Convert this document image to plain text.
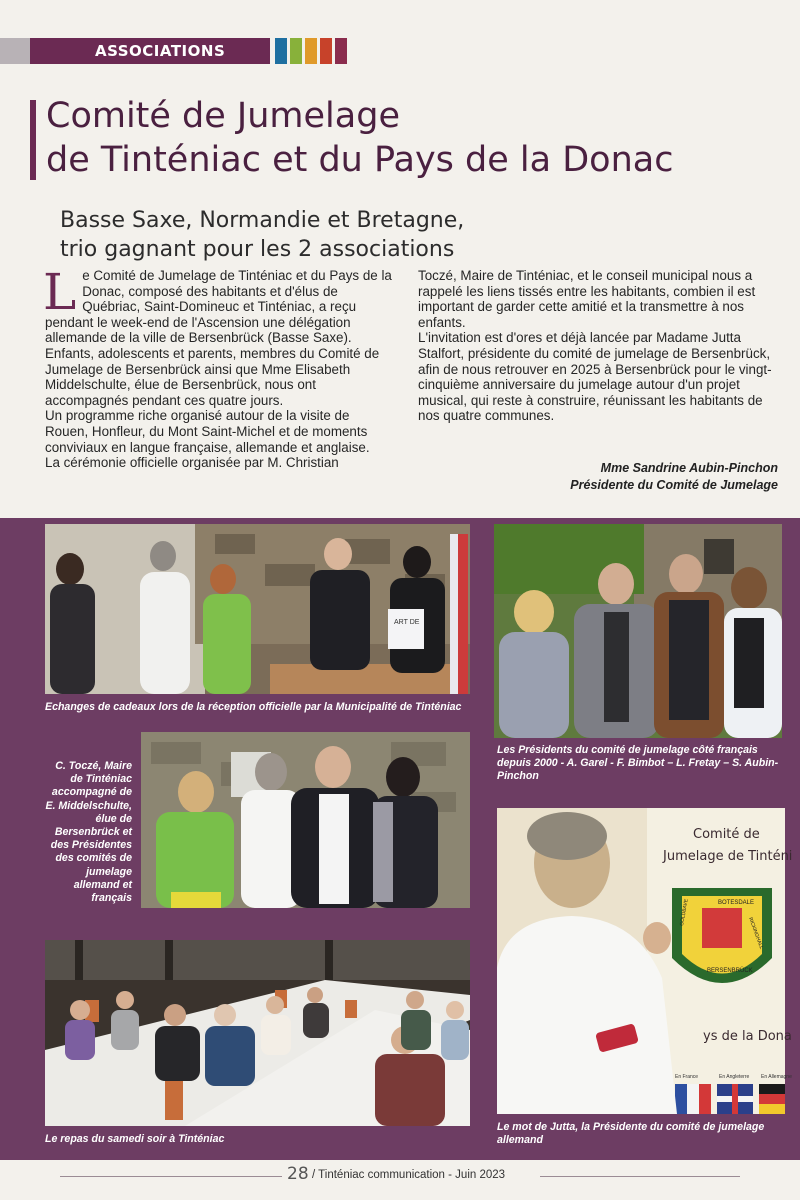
ASSOCIATIONS
Comité de Jumelage
de Tinténiac et du Pays de la Donac
Basse Saxe, Normandie et Bretagne,
trio gagnant pour les 2 associations
L e Comité de Jumelage de Tinténiac et du Pays de la Donac, composé des habitants et d'élus de Québriac, Saint-Domineuc et Tinténiac, a reçu pendant le week-end de l'Ascension une délégation allemande de la ville de Bersenbrück (Basse Saxe).

Enfants, adolescents et parents, membres du Comité de Jumelage de Bersenbrück ainsi que Mme Elisabeth Middelschulte, élue de Bersenbrück, nous ont accompagnés pendant ces quatre jours.

Un programme riche organisé autour de la visite de Rouen, Honfleur, du Mont Saint-Michel et de moments conviviaux en langue française, allemande et anglaise.

La cérémonie officielle organisée par M. Christian

Toczé, Maire de Tinténiac, et le conseil municipal nous a rappelé les liens tissés entre les habitants, combien il est important de garder cette amitié et la transmettre à nos enfants.

L'invitation est d'ores et déjà lancée par Madame Jutta Stalfort, présidente du comité de jumelage de Bersenbrück, afin de nous retrouver en 2025 à Bersenbrück pour le vingt-cinquième anniversaire du jumelage autour d'un projet musical, qui reste à construire, réunissant les habitants de nos quatre communes.

Mme Sandrine Aubin-Pinchon
Présidente du Comité de Jumelage
ART DE
Echanges de cadeaux lors de la réception officielle par la Municipalité de Tinténiac
Les Présidents du comité de jumelage côté français depuis 2000 - A. Garel - F. Bimbot – L. Fretay – S. Aubin-Pinchon
C. Toczé, Maire de Tinténiac accompagné de E. Middelschulte, élue de Bersenbrück et des Présidentes des comités de jumelage allemand et français
Le repas du samedi soir à Tinténiac
Comité de
Jumelage de Tinténi
ys de la Dona
BOTESDALE
RICKINGHALL
GOLDBAVE
BERSENBRÜCK
En France	En Angleterre En Allemagne
Le mot de Jutta, la Présidente du comité de jumelage allemand
28 / Tinténiac communication - Juin 2023
